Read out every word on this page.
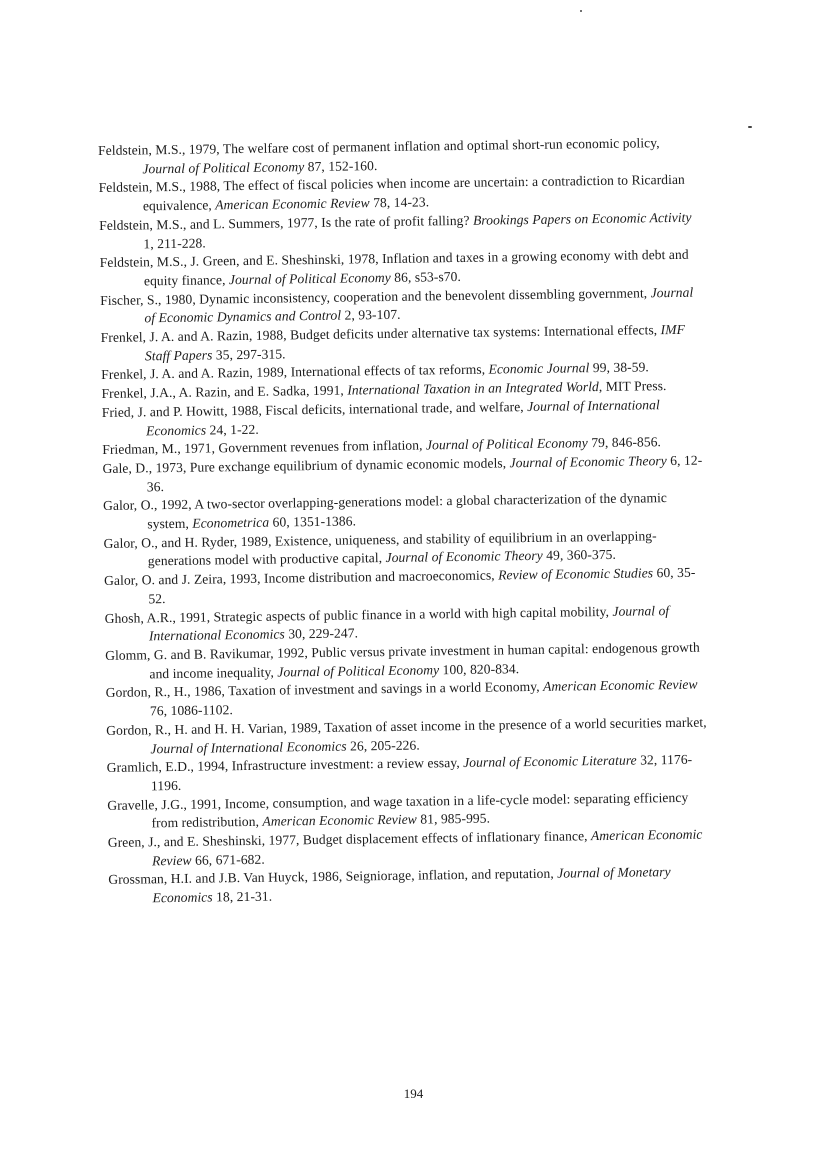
Feldstein, M.S., 1979, The welfare cost of permanent inflation and optimal short-run economic policy, Journal of Political Economy 87, 152-160.

Feldstein, M.S., 1988, The effect of fiscal policies when income are uncertain: a contradiction to Ricardian equivalence, American Economic Review 78, 14-23.

Feldstein, M.S., and L. Summers, 1977, Is the rate of profit falling? Brookings Papers on Economic Activity 1, 211-228.

Feldstein, M.S., J. Green, and E. Sheshinski, 1978, Inflation and taxes in a growing economy with debt and equity finance, Journal of Political Economy 86, s53-s70.

Fischer, S., 1980, Dynamic inconsistency, cooperation and the benevolent dissembling government, Journal of Economic Dynamics and Control 2, 93-107.

Frenkel, J. A. and A. Razin, 1988, Budget deficits under alternative tax systems: International effects, IMF Staff Papers 35, 297-315.

Frenkel, J. A. and A. Razin, 1989, International effects of tax reforms, Economic Journal 99, 38-59.

Frenkel, J.A., A. Razin, and E. Sadka, 1991, International Taxation in an Integrated World, MIT Press.

Fried, J. and P. Howitt, 1988, Fiscal deficits, international trade, and welfare, Journal of International Economics 24, 1-22.

Friedman, M., 1971, Government revenues from inflation, Journal of Political Economy 79, 846-856.

Gale, D., 1973, Pure exchange equilibrium of dynamic economic models, Journal of Economic Theory 6, 12-36.

Galor, O., 1992, A two-sector overlapping-generations model: a global characterization of the dynamic system, Econometrica 60, 1351-1386.

Galor, O., and H. Ryder, 1989, Existence, uniqueness, and stability of equilibrium in an overlapping-generations model with productive capital, Journal of Economic Theory 49, 360-375.

Galor, O. and J. Zeira, 1993, Income distribution and macroeconomics, Review of Economic Studies 60, 35-52.

Ghosh, A.R., 1991, Strategic aspects of public finance in a world with high capital mobility, Journal of International Economics 30, 229-247.

Glomm, G. and B. Ravikumar, 1992, Public versus private investment in human capital: endogenous growth and income inequality, Journal of Political Economy 100, 820-834.

Gordon, R., H., 1986, Taxation of investment and savings in a world Economy, American Economic Review 76, 1086-1102.

Gordon, R., H. and H. H. Varian, 1989, Taxation of asset income in the presence of a world securities market, Journal of International Economics 26, 205-226.

Gramlich, E.D., 1994, Infrastructure investment: a review essay, Journal of Economic Literature 32, 1176-1196.

Gravelle, J.G., 1991, Income, consumption, and wage taxation in a life-cycle model: separating efficiency from redistribution, American Economic Review 81, 985-995.

Green, J., and E. Sheshinski, 1977, Budget displacement effects of inflationary finance, American Economic Review 66, 671-682.

Grossman, H.I. and J.B. Van Huyck, 1986, Seigniorage, inflation, and reputation, Journal of Monetary Economics 18, 21-31.

194
